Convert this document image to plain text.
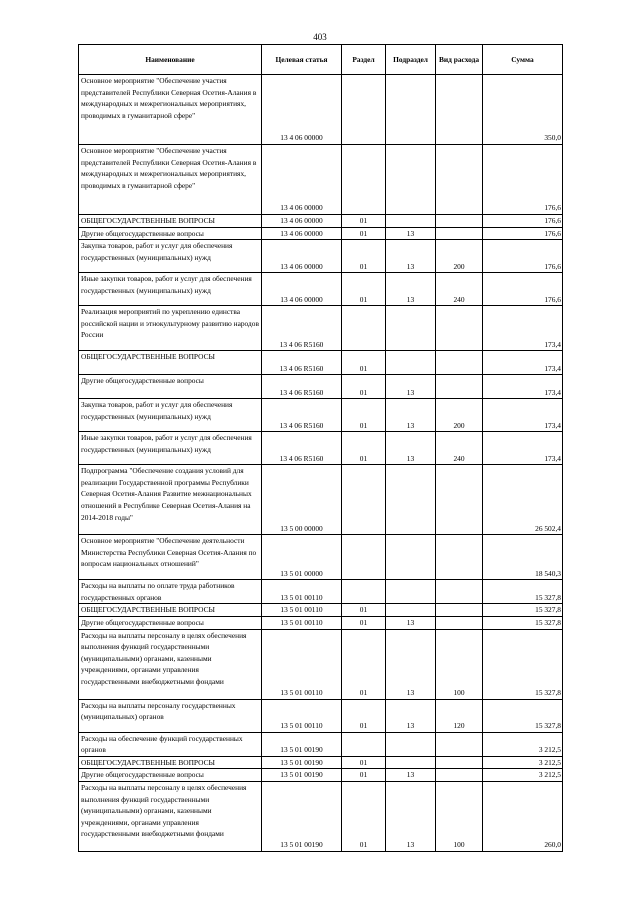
403
Наименование	Целевая статья	Раздел	Подраздел	Вид расхода	Сумма
Основное мероприятие "Обеспечение участия представителей Республики Северная Осетия-Алания в международных и межрегиональных мероприятиях, проводимых в гуманитарной сфере"	13 4 06 00000				350,0
Основное мероприятие "Обеспечение участия представителей Республики Северная Осетия-Алания в международных и межрегиональных мероприятиях, проводимых в гуманитарной сфере"	13 4 06 00000				176,6
ОБЩЕГОСУДАРСТВЕННЫЕ ВОПРОСЫ	13 4 06 00000	01			176,6
Другие общегосударственные вопросы	13 4 06 00000	01	13		176,6
Закупка товаров, работ и услуг для обеспечения государственных (муниципальных) нужд	13 4 06 00000	01	13	200	176,6
Иные закупки товаров, работ и услуг для обеспечения государственных (муниципальных) нужд	13 4 06 00000	01	13	240	176,6
Реализация мероприятий по укреплению единства российской нации и этнокультурному развитию народов России	13 4 06 R5160				173,4
ОБЩЕГОСУДАРСТВЕННЫЕ ВОПРОСЫ	13 4 06 R5160	01			173,4
Другие общегосударственные вопросы	13 4 06 R5160	01	13		173,4
Закупка товаров, работ и услуг для обеспечения государственных (муниципальных) нужд	13 4 06 R5160	01	13	200	173,4
Иные закупки товаров, работ и услуг для обеспечения государственных (муниципальных) нужд	13 4 06 R5160	01	13	240	173,4
Подпрограмма "Обеспечение создания условий для реализации Государственной программы Республики Северная Осетия-Алания Развитие межнациональных отношений в Республике Северная Осетия-Алания на 2014-2018 годы"	13 5 00 00000				26 502,4
Основное мероприятие "Обеспечение деятельности Министерства Республики Северная Осетия-Алания по вопросам национальных отношений"	13 5 01 00000				18 540,3
Расходы на выплаты по оплате труда работников государственных органов	13 5 01 00110				15 327,8
ОБЩЕГОСУДАРСТВЕННЫЕ ВОПРОСЫ	13 5 01 00110	01			15 327,8
Другие общегосударственные вопросы	13 5 01 00110	01	13		15 327,8
Расходы на выплаты персоналу в целях обеспечения выполнения функций государственными (муниципальными) органами, казенными учреждениями, органами управления государственными внебюджетными фондами	13 5 01 00110	01	13	100	15 327,8
Расходы на выплаты персоналу государственных (муниципальных) органов	13 5 01 00110	01	13	120	15 327,8
Расходы на обеспечение функций государственных органов	13 5 01 00190				3 212,5
ОБЩЕГОСУДАРСТВЕННЫЕ ВОПРОСЫ	13 5 01 00190	01			3 212,5
Другие общегосударственные вопросы	13 5 01 00190	01	13		3 212,5
Расходы на выплаты персоналу в целях обеспечения выполнения функций государственными (муниципальными) органами, казенными учреждениями, органами управления государственными внебюджетными фондами	13 5 01 00190	01	13	100	260,0
